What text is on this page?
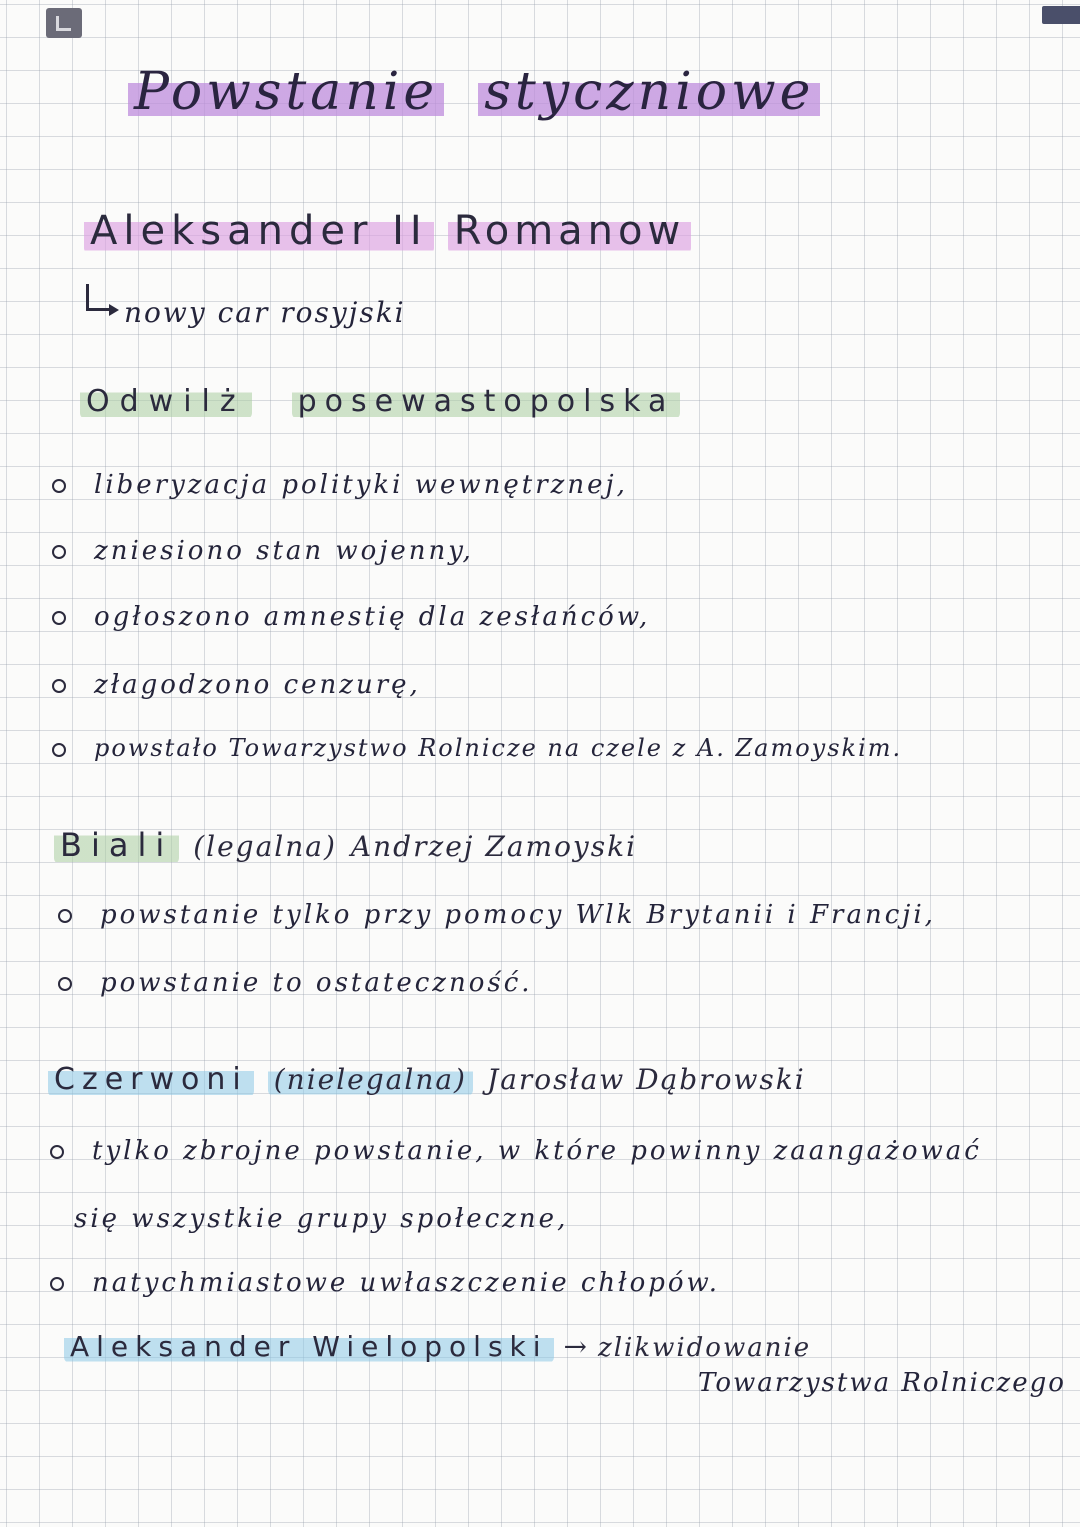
Powstanie styczniowe
Aleksander II Romanow
nowy car rosyjski
Odwilż posewastopolska
liberyzacja polityki wewnętrznej,
zniesiono stan wojenny,
ogłoszono amnestię dla zesłańców,
złagodzono cenzurę,
powstało Towarzystwo Rolnicze na czele z A. Zamoyskim.
Biali (legalna) Andrzej Zamoyski
powstanie tylko przy pomocy Wlk Brytanii i Francji,
powstanie to ostateczność.
Czerwoni (nielegalna) Jarosław Dąbrowski
tylko zbrojne powstanie, w które powinny zaangażować
się wszystkie grupy społeczne,
natychmiastowe uwłaszczenie chłopów.
Aleksander Wielopolski → zlikwidowanie
Towarzystwa Rolniczego
